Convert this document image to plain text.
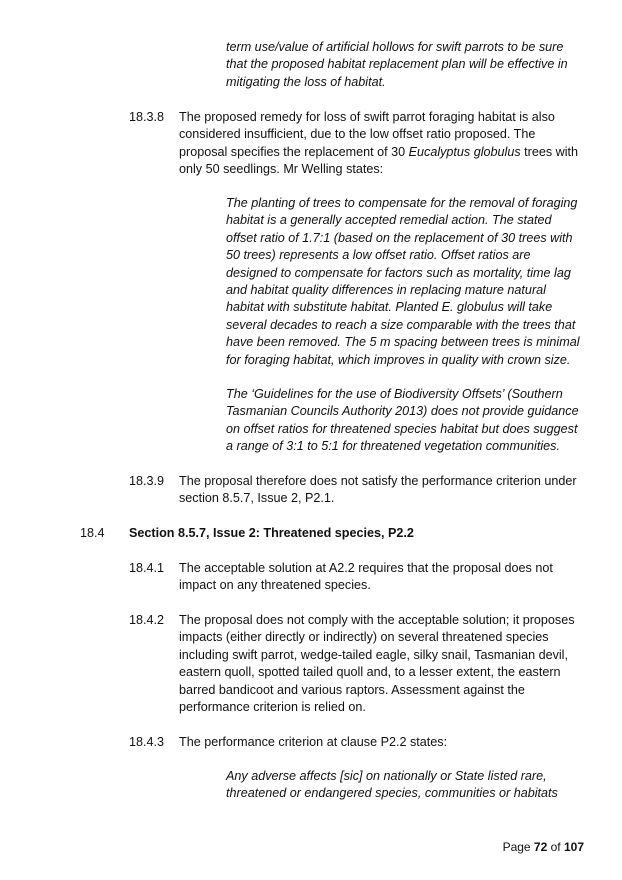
term use/value of artificial hollows for swift parrots to be sure that the proposed habitat replacement plan will be effective in mitigating the loss of habitat.
18.3.8 The proposed remedy for loss of swift parrot foraging habitat is also considered insufficient, due to the low offset ratio proposed. The proposal specifies the replacement of 30 Eucalyptus globulus trees with only 50 seedlings. Mr Welling states:
The planting of trees to compensate for the removal of foraging habitat is a generally accepted remedial action. The stated offset ratio of 1.7:1 (based on the replacement of 30 trees with 50 trees) represents a low offset ratio. Offset ratios are designed to compensate for factors such as mortality, time lag and habitat quality differences in replacing mature natural habitat with substitute habitat. Planted E. globulus will take several decades to reach a size comparable with the trees that have been removed. The 5 m spacing between trees is minimal for foraging habitat, which improves in quality with crown size.
The ‘Guidelines for the use of Biodiversity Offsets’ (Southern Tasmanian Councils Authority 2013) does not provide guidance on offset ratios for threatened species habitat but does suggest a range of 3:1 to 5:1 for threatened vegetation communities.
18.3.9 The proposal therefore does not satisfy the performance criterion under section 8.5.7, Issue 2, P2.1.
18.4 Section 8.5.7, Issue 2: Threatened species, P2.2
18.4.1 The acceptable solution at A2.2 requires that the proposal does not impact on any threatened species.
18.4.2 The proposal does not comply with the acceptable solution; it proposes impacts (either directly or indirectly) on several threatened species including swift parrot, wedge-tailed eagle, silky snail, Tasmanian devil, eastern quoll, spotted tailed quoll and, to a lesser extent, the eastern barred bandicoot and various raptors. Assessment against the performance criterion is relied on.
18.4.3 The performance criterion at clause P2.2 states:
Any adverse affects [sic] on nationally or State listed rare, threatened or endangered species, communities or habitats
Page 72 of 107
